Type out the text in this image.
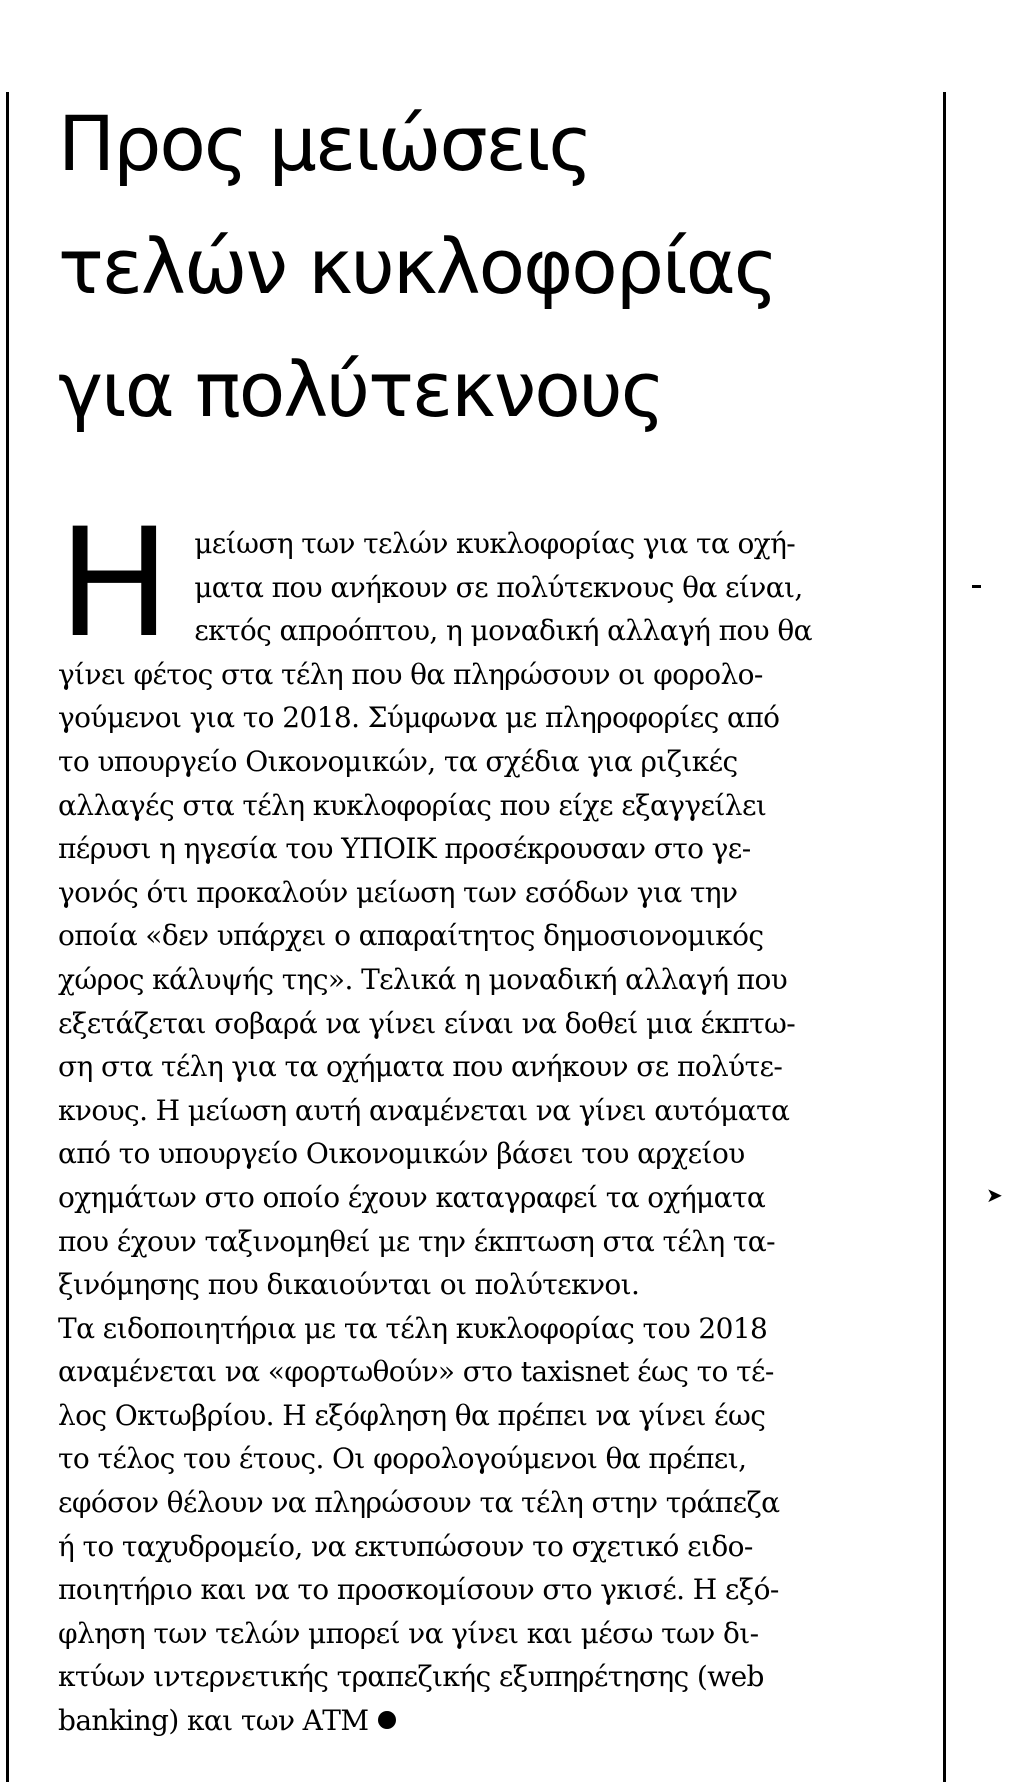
➤
Προς μειώσεις
τελών κυκλοφορίας
για πολύτεκνους
Η μείωση των τελών κυκλοφορίας για τα οχή-
ματα που ανήκουν σε πολύτεκνους θα είναι,
εκτός απροόπτου, η μοναδική αλλαγή που θα
γίνει φέτος στα τέλη που θα πληρώσουν οι φορολο-
γούμενοι για το 2018. Σύμφωνα με πληροφορίες από
το υπουργείο Οικονομικών, τα σχέδια για ριζικές
αλλαγές στα τέλη κυκλοφορίας που είχε εξαγγείλει
πέρυσι η ηγεσία του ΥΠΟΙΚ προσέκρουσαν στο γε-
γονός ότι προκαλούν μείωση των εσόδων για την
οποία «δεν υπάρχει ο απαραίτητος δημοσιονομικός
χώρος κάλυψής της». Τελικά η μοναδική αλλαγή που
εξετάζεται σοβαρά να γίνει είναι να δοθεί μια έκπτω-
ση στα τέλη για τα οχήματα που ανήκουν σε πολύτε-
κνους. Η μείωση αυτή αναμένεται να γίνει αυτόματα
από το υπουργείο Οικονομικών βάσει του αρχείου
οχημάτων στο οποίο έχουν καταγραφεί τα οχήματα
που έχουν ταξινομηθεί με την έκπτωση στα τέλη τα-
ξινόμησης που δικαιούνται οι πολύτεκνοι.
Τα ειδοποιητήρια με τα τέλη κυκλοφορίας του 2018
αναμένεται να «φορτωθούν» στο taxisnet έως το τέ-
λος Οκτωβρίου. Η εξόφληση θα πρέπει να γίνει έως
το τέλος του έτους. Οι φορολογούμενοι θα πρέπει,
εφόσον θέλουν να πληρώσουν τα τέλη στην τράπεζα
ή το ταχυδρομείο, να εκτυπώσουν το σχετικό ειδο-
ποιητήριο και να το προσκομίσουν στο γκισέ. Η εξό-
φληση των τελών μπορεί να γίνει και μέσω των δι-
κτύων ιντερνετικής τραπεζικής εξυπηρέτησης (web
banking) και των ΑΤΜ
